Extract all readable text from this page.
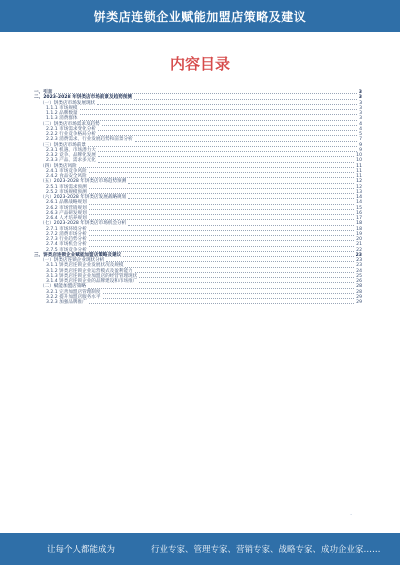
饼类店连锁企业赋能加盟店策略及建议
内容目录
一、引言	3
二、2023-2028 年饼类店市场前景及趋势预测	3
（一）饼类店市场发展现状	3
1.1.1 市场规模	3
1.1.2 品牌数量	3
1.1.3 消费群体	3
（二）饼类店市场需求及趋势	4
2.2.1 市场需求变化分析	4
2.2.2 行业竞争格局分析	5
2.2.3 消费需求、行业发展趋势和前景分析	7
（三）饼类店市场前景	9
2.3.1 机遇、市场潜力大	9
2.3.2 竞争、品牌化发展	10
2.3.3 产品、需求多元化	10
（四）饼类店风险	11
2.4.1 市场竞争风险	11
2.4.2 食品安全风险	11
（五）2023-2028 年饼类店市场趋势预测	12
2.5.1 市场需求预测	12
2.5.2 市场规模预测	13
（六）2023-2028 年饼类店发展战略规划	14
2.6.1 品牌战略规划	14
2.6.2 市场营销规划	15
2.6.3 产品研发规划	16
2.6.4 人才培养规划	17
（七）2023-2028 年饼类店市场机会分析	18
2.7.1 市场环境分析	18
2.7.2 消费市场分析	19
2.7.3 行业趋势分析	20
2.7.4 市场机会分析	21
2.7.5 市场竞争分析	22
三、饼类店连锁企业赋能加盟店策略及建议	23
（一）饼类店连锁企业现状分析	23
3.1.1 饼类店连锁企业发展状况及规模	23
3.1.2 饼类店连锁企业运营模式及盈利能力	24
3.1.3 饼类店连锁企业加盟店的经营管理现状	25
3.1.4 饼类店连锁企业的品牌建设和市场推广	26
（二）赋能加盟店策略	28
3.2.1 完善加盟店管理制度	28
3.2.2 提升加盟店服务水平	29
3.2.3 加强品牌推广	29
·
让每个人都能成为	行业专家、管理专家、营销专家、战略专家、成功企业家……
